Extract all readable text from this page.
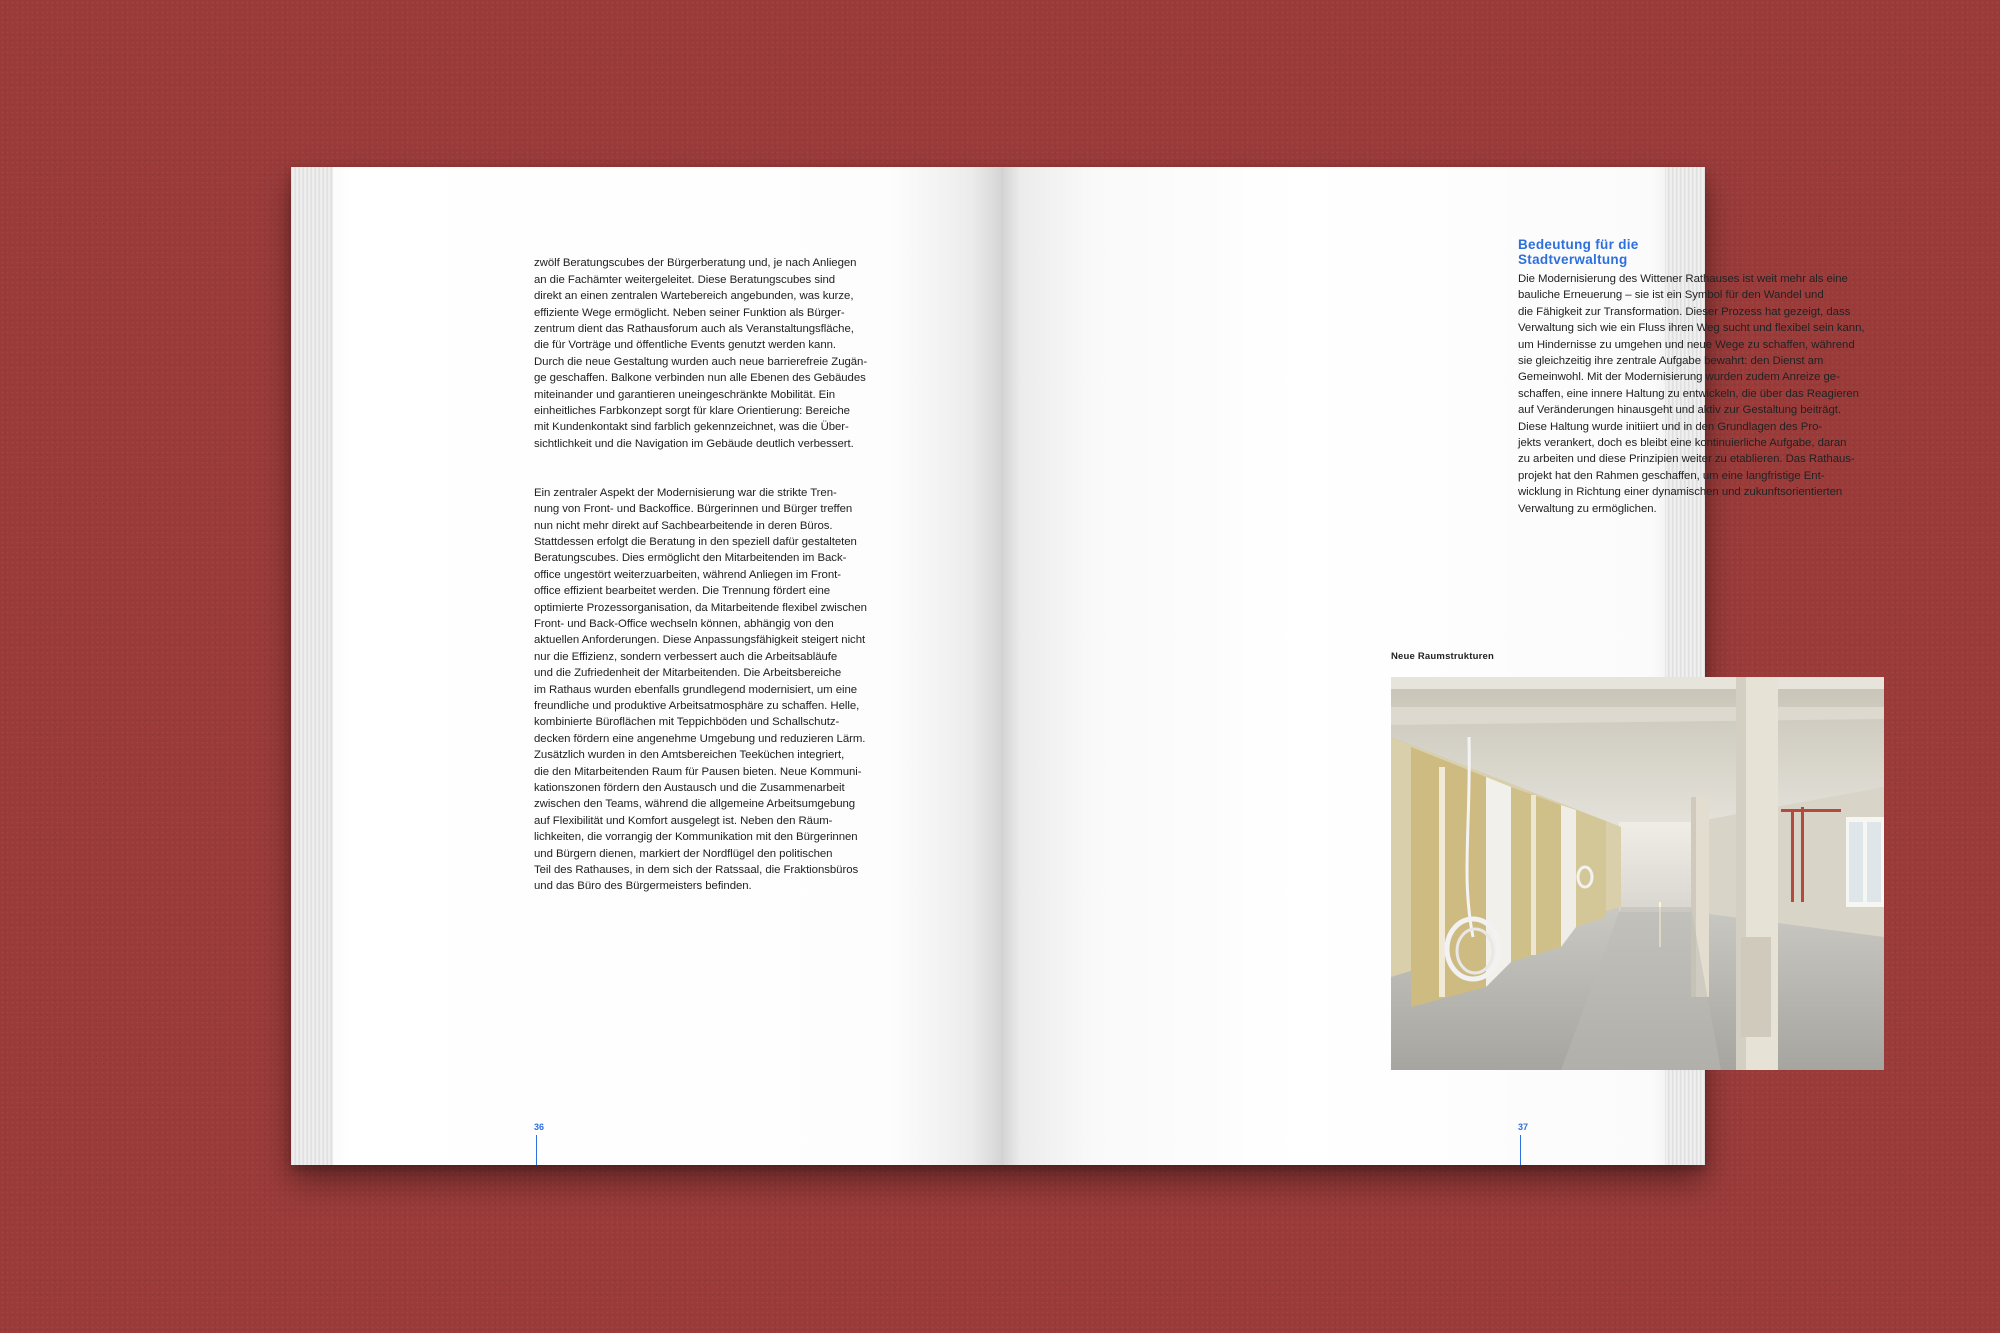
zwölf Beratungscubes der Bürgerberatung und, je nach Anliegen
an die Fachämter weitergeleitet. Diese Beratungscubes sind
direkt an einen zentralen Wartebereich angebunden, was kurze,
effiziente Wege ermöglicht. Neben seiner Funktion als Bürger-
zentrum dient das Rathausforum auch als Veranstaltungsfläche,
die für Vorträge und öffentliche Events genutzt werden kann.
Durch die neue Gestaltung wurden auch neue barrierefreie Zugän-
ge geschaffen. Balkone verbinden nun alle Ebenen des Gebäudes
miteinander und garantieren uneingeschränkte Mobilität. Ein
einheitliches Farbkonzept sorgt für klare Orientierung: Bereiche
mit Kundenkontakt sind farblich gekennzeichnet, was die Über-
sichtlichkeit und die Navigation im Gebäude deutlich verbessert.

Ein zentraler Aspekt der Modernisierung war die strikte Tren-
nung von Front- und Backoffice. Bürgerinnen und Bürger treffen
nun nicht mehr direkt auf Sachbearbeitende in deren Büros.
Stattdessen erfolgt die Beratung in den speziell dafür gestalteten
Beratungscubes. Dies ermöglicht den Mitarbeitenden im Back-
office ungestört weiterzuarbeiten, während Anliegen im Front-
office effizient bearbeitet werden. Die Trennung fördert eine
optimierte Prozessorganisation, da Mitarbeitende flexibel zwischen
Front- und Back-Office wechseln können, abhängig von den
aktuellen Anforderungen. Diese Anpassungsfähigkeit steigert nicht
nur die Effizienz, sondern verbessert auch die Arbeitsabläufe
und die Zufriedenheit der Mitarbeitenden. Die Arbeitsbereiche
im Rathaus wurden ebenfalls grundlegend modernisiert, um eine
freundliche und produktive Arbeitsatmosphäre zu schaffen. Helle,
kombinierte Büroflächen mit Teppichböden und Schallschutz-
decken fördern eine angenehme Umgebung und reduzieren Lärm.
Zusätzlich wurden in den Amtsbereichen Teeküchen integriert,
die den Mitarbeitenden Raum für Pausen bieten. Neue Kommuni-
kationszonen fördern den Austausch und die Zusammenarbeit
zwischen den Teams, während die allgemeine Arbeitsumgebung
auf Flexibilität und Komfort ausgelegt ist. Neben den Räum-
lichkeiten, die vorrangig der Kommunikation mit den Bürgerinnen
und Bürgern dienen, markiert der Nordflügel den politischen
Teil des Rathauses, in dem sich der Ratssaal, die Fraktionsbüros
und das Büro des Bürgermeisters befinden.

36
Bedeutung für die Stadtverwaltung
Die Modernisierung des Wittener Rathauses ist weit mehr als eine
bauliche Erneuerung – sie ist ein Symbol für den Wandel und
die Fähigkeit zur Transformation. Dieser Prozess hat gezeigt, dass
Verwaltung sich wie ein Fluss ihren Weg sucht und flexibel sein kann,
um Hindernisse zu umgehen und neue Wege zu schaffen, während
sie gleichzeitig ihre zentrale Aufgabe bewahrt: den Dienst am
Gemeinwohl. Mit der Modernisierung wurden zudem Anreize ge-
schaffen, eine innere Haltung zu entwickeln, die über das Reagieren
auf Veränderungen hinausgeht und aktiv zur Gestaltung beiträgt.
Diese Haltung wurde initiiert und in den Grundlagen des Pro-
jekts verankert, doch es bleibt eine kontinuierliche Aufgabe, daran
zu arbeiten und diese Prinzipien weiter zu etablieren. Das Rathaus-
projekt hat den Rahmen geschaffen, um eine langfristige Ent-
wicklung in Richtung einer dynamischen und zukunftsorientierten
Verwaltung zu ermöglichen.
Neue Raumstrukturen
37
